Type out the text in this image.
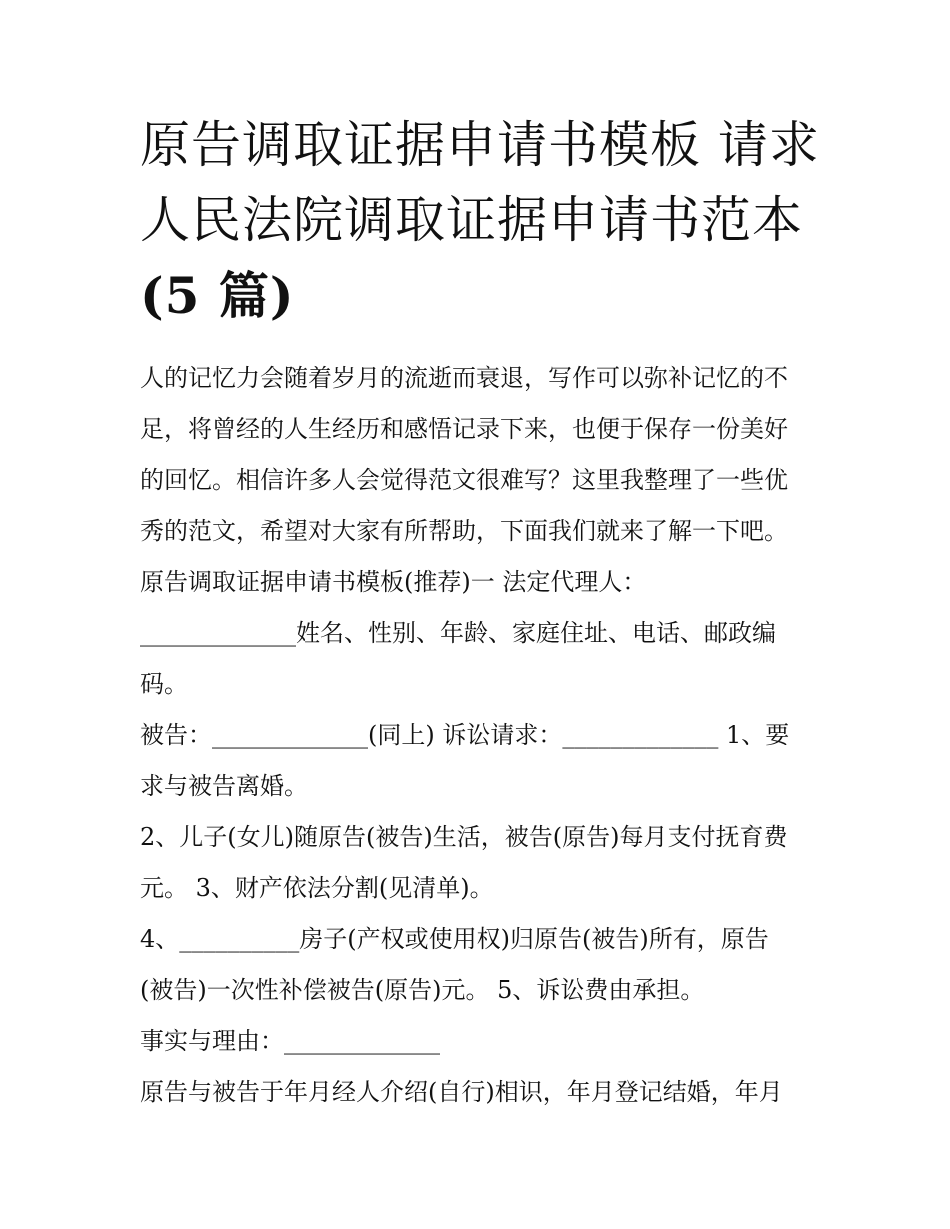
原告调取证据申请书模板 请求
人民法院调取证据申请书范本
(5 篇)
人的记忆力会随着岁月的流逝而衰退，写作可以弥补记忆的不
足，将曾经的人生经历和感悟记录下来，也便于保存一份美好
的回忆。相信许多人会觉得范文很难写？这里我整理了一些优
秀的范文，希望对大家有所帮助，下面我们就来了解一下吧。
原告调取证据申请书模板(推荐)一 法定代理人：
_____________姓名、性别、年龄、家庭住址、电话、邮政编
码。
被告：_____________(同上) 诉讼请求：_____________ 1、要
求与被告离婚。
2、儿子(女儿)随原告(被告)生活，被告(原告)每月支付抚育费
元。 3、财产依法分割(见清单)。
4、__________房子(产权或使用权)归原告(被告)所有，原告
(被告)一次性补偿被告(原告)元。 5、诉讼费由承担。
事实与理由：_____________
原告与被告于年月经人介绍(自行)相识，年月登记结婚，年月
